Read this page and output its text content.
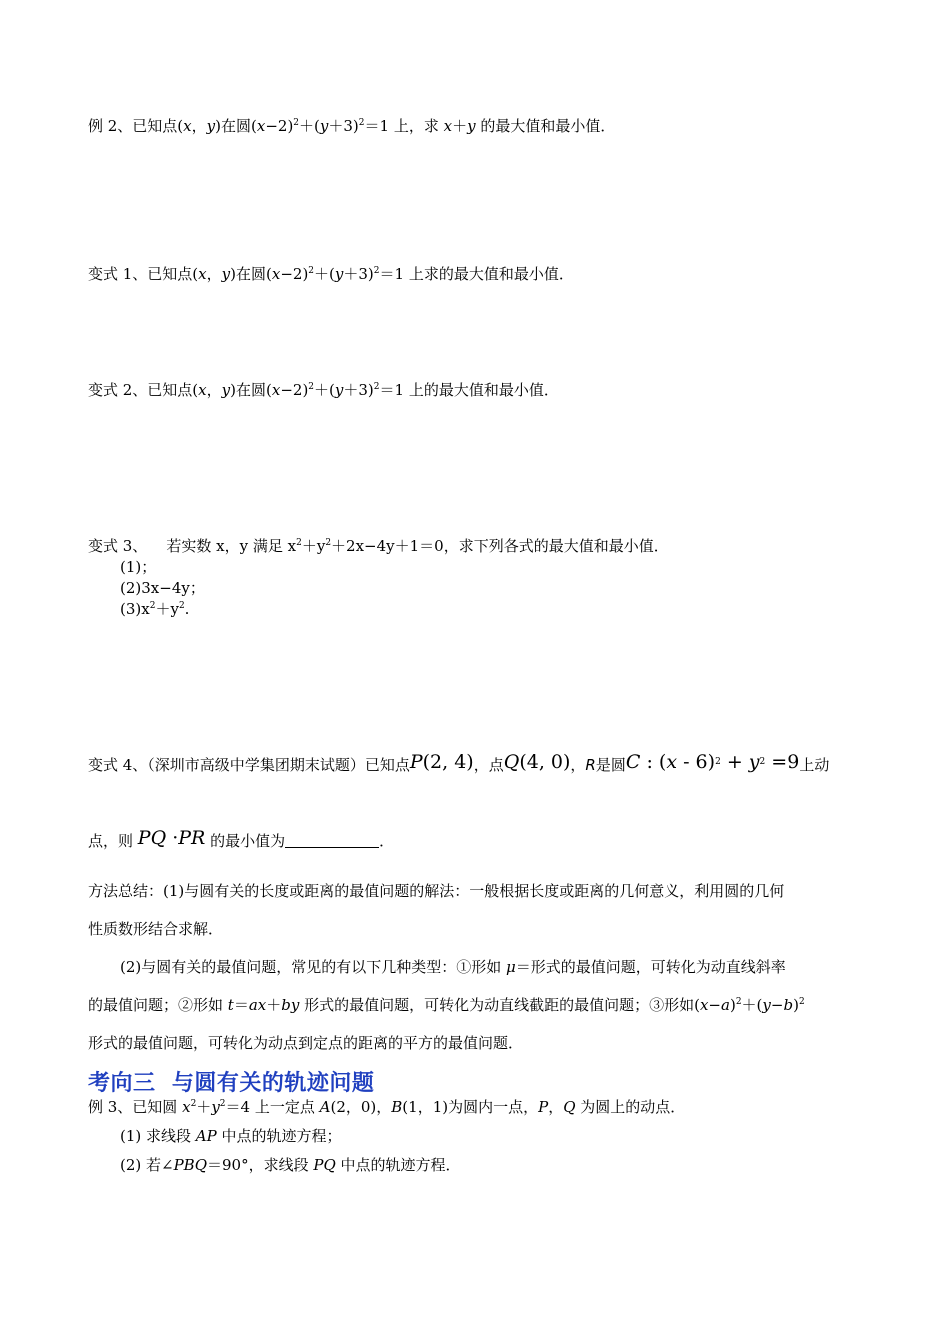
例 2、已知点(x，y)在圆$(x-2)^2+(y+3)^2=1$ 上，求 x＋y 的最大值和最小值．
变式 1、已知点(x，y)在圆$(x-2)^2+(y+3)^2=1$ 上求的最大值和最小值．
变式 2、已知点(x，y)在圆$(x-2)^2+(y+3)^2=1$ 上的最大值和最小值．
变式 3、    若实数 x，y 满足 $x^2+y^2+2x-4y+1=0$，求下列各式的最大值和最小值．
(1)；
(2)3x−4y；
$(3)x^2+y^2$.
变式 4、（深圳市高级中学集团期末试题）已知点P(2, 4)，点Q(4, 0)，R是圆C : $(x - 6)^2 + y^2 =9$上动
点，则 PQ ·PR 的最小值为	．
方法总结：(1)与圆有关的长度或距离的最值问题的解法：一般根据长度或距离的几何意义，利用圆的几何
性质数形结合求解．
(2)与圆有关的最值问题，常见的有以下几种类型：①形如 μ＝形式的最值问题，可转化为动直线斜率
的最值问题；②形如 t＝ax＋by 形式的最值问题，可转化为动直线截距的最值问题；③形如$(x-a)^2+(y-b)^2$
形式的最值问题，可转化为动点到定点的距离的平方的最值问题．
考向三  与圆有关的轨迹问题
例 3、已知圆 $x^2+y^2=4$ 上一定点 A(2，0)，B(1，1)为圆内一点，P，Q 为圆上的动点．
(1) 求线段 AP 中点的轨迹方程；
(2) 若∠PBQ＝90°，求线段 PQ 中点的轨迹方程．
